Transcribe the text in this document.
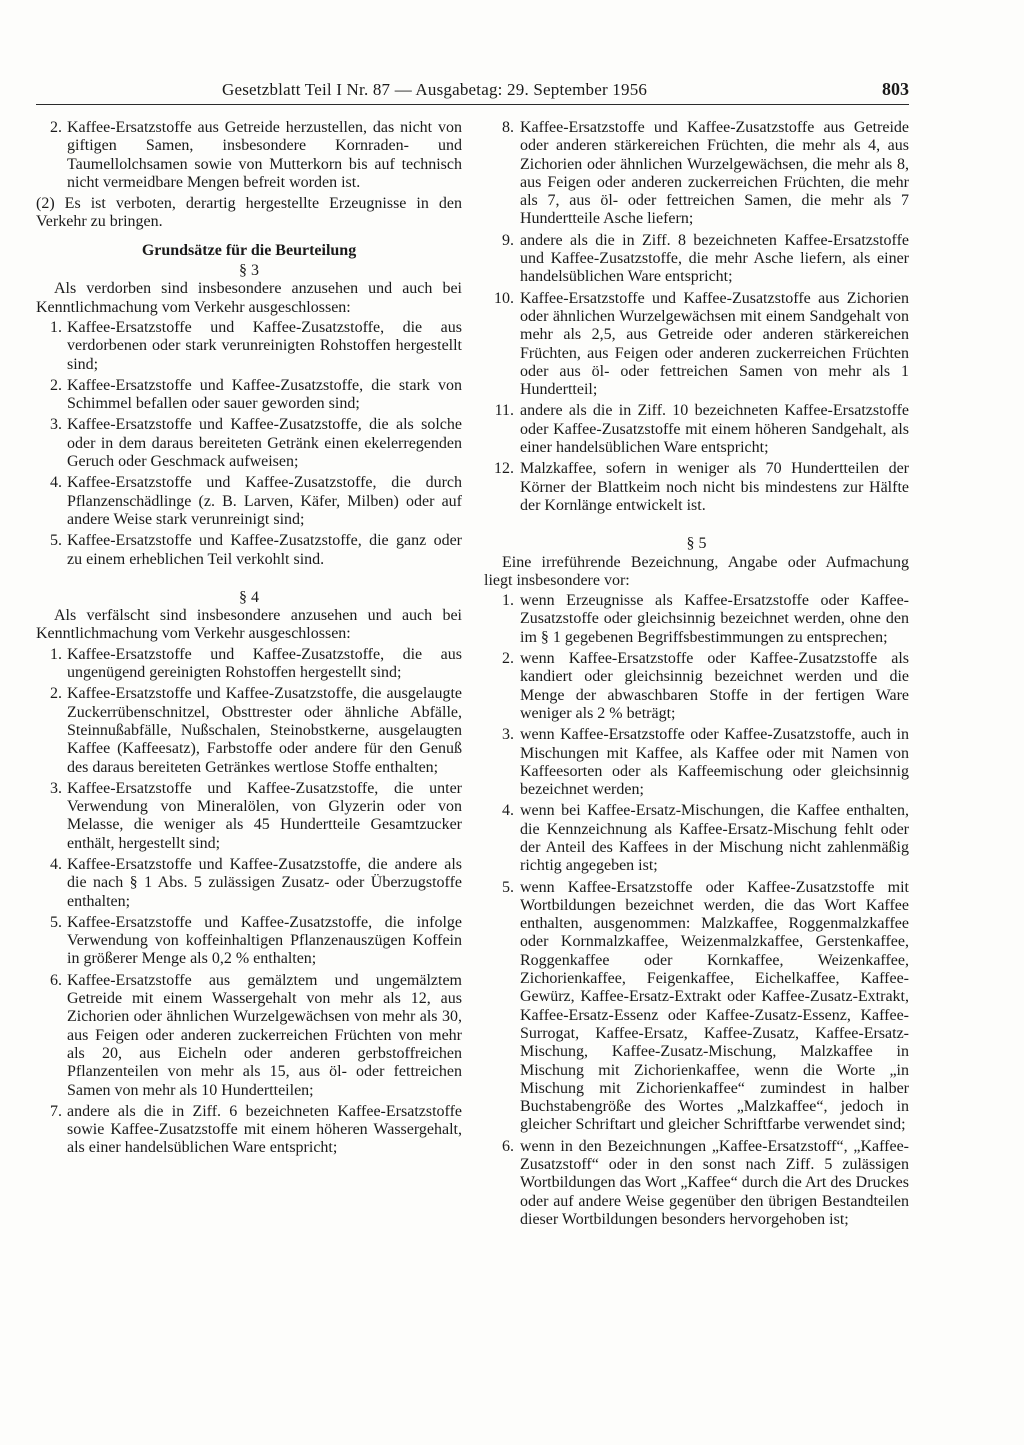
Gesetzblatt Teil I Nr. 87 — Ausgabetag: 29. September 1956	803
2. Kaffee-Ersatzstoffe aus Getreide herzustellen, das nicht von giftigen Samen, insbesondere Kornraden- und Taumellolchsamen sowie von Mutterkorn bis auf technisch nicht vermeidbare Mengen befreit worden ist.

(2) Es ist verboten, derartig hergestellte Erzeugnisse in den Verkehr zu bringen.

Grundsätze für die Beurteilung
§ 3

Als verdorben sind insbesondere anzusehen und auch bei Kenntlichmachung vom Verkehr ausgeschlossen:

1. Kaffee-Ersatzstoffe und Kaffee-Zusatzstoffe, die aus verdorbenen oder stark verunreinigten Rohstoffen hergestellt sind;
2. Kaffee-Ersatzstoffe und Kaffee-Zusatzstoffe, die stark von Schimmel befallen oder sauer geworden sind;
3. Kaffee-Ersatzstoffe und Kaffee-Zusatzstoffe, die als solche oder in dem daraus bereiteten Getränk einen ekelerregenden Geruch oder Geschmack aufweisen;
4. Kaffee-Ersatzstoffe und Kaffee-Zusatzstoffe, die durch Pflanzenschädlinge (z. B. Larven, Käfer, Milben) oder auf andere Weise stark verunreinigt sind;
5. Kaffee-Ersatzstoffe und Kaffee-Zusatzstoffe, die ganz oder zu einem erheblichen Teil verkohlt sind.
§ 4

Als verfälscht sind insbesondere anzusehen und auch bei Kenntlichmachung vom Verkehr ausgeschlossen:

1. Kaffee-Ersatzstoffe und Kaffee-Zusatzstoffe, die aus ungenügend gereinigten Rohstoffen hergestellt sind;
2. Kaffee-Ersatzstoffe und Kaffee-Zusatzstoffe, die ausgelaugte Zuckerrübenschnitzel, Obsttrester oder ähnliche Abfälle, Steinnußabfälle, Nußschalen, Steinobstkerne, ausgelaugten Kaffee (Kaffeesatz), Farbstoffe oder andere für den Genuß des daraus bereiteten Getränkes wertlose Stoffe enthalten;
3. Kaffee-Ersatzstoffe und Kaffee-Zusatzstoffe, die unter Verwendung von Mineralölen, von Glyzerin oder von Melasse, die weniger als 45 Hundertteile Gesamtzucker enthält, hergestellt sind;
4. Kaffee-Ersatzstoffe und Kaffee-Zusatzstoffe, die andere als die nach § 1 Abs. 5 zulässigen Zusatz- oder Überzugstoffe enthalten;
5. Kaffee-Ersatzstoffe und Kaffee-Zusatzstoffe, die infolge Verwendung von koffeinhaltigen Pflanzenauszügen Koffein in größerer Menge als 0,2 % enthalten;
6. Kaffee-Ersatzstoffe aus gemälztem und ungemälztem Getreide mit einem Wassergehalt von mehr als 12, aus Zichorien oder ähnlichen Wurzelgewächsen von mehr als 30, aus Feigen oder anderen zuckerreichen Früchten von mehr als 20, aus Eicheln oder anderen gerbstoffreichen Pflanzenteilen von mehr als 15, aus öl- oder fettreichen Samen von mehr als 10 Hundertteilen;
7. andere als die in Ziff. 6 bezeichneten Kaffee-Ersatzstoffe sowie Kaffee-Zusatzstoffe mit einem höheren Wassergehalt, als einer handelsüblichen Ware entspricht;
8. Kaffee-Ersatzstoffe und Kaffee-Zusatzstoffe aus Getreide oder anderen stärkereichen Früchten, die mehr als 4, aus Zichorien oder ähnlichen Wurzelgewächsen, die mehr als 8, aus Feigen oder anderen zuckerreichen Früchten, die mehr als 7, aus öl- oder fettreichen Samen, die mehr als 7 Hundertteile Asche liefern;
9. andere als die in Ziff. 8 bezeichneten Kaffee-Ersatzstoffe und Kaffee-Zusatzstoffe, die mehr Asche liefern, als einer handelsüblichen Ware entspricht;
10. Kaffee-Ersatzstoffe und Kaffee-Zusatzstoffe aus Zichorien oder ähnlichen Wurzelgewächsen mit einem Sandgehalt von mehr als 2,5, aus Getreide oder anderen stärkereichen Früchten, aus Feigen oder anderen zuckerreichen Früchten oder aus öl- oder fettreichen Samen von mehr als 1 Hundertteil;
11. andere als die in Ziff. 10 bezeichneten Kaffee-Ersatzstoffe oder Kaffee-Zusatzstoffe mit einem höheren Sandgehalt, als einer handelsüblichen Ware entspricht;
12. Malzkaffee, sofern in weniger als 70 Hundertteilen der Körner der Blattkeim noch nicht bis mindestens zur Hälfte der Kornlänge entwickelt ist.
§ 5

Eine irreführende Bezeichnung, Angabe oder Aufmachung liegt insbesondere vor:

1. wenn Erzeugnisse als Kaffee-Ersatzstoffe oder Kaffee-Zusatzstoffe oder gleichsinnig bezeichnet werden, ohne den im § 1 gegebenen Begriffsbestimmungen zu entsprechen;
2. wenn Kaffee-Ersatzstoffe oder Kaffee-Zusatzstoffe als kandiert oder gleichsinnig bezeichnet werden und die Menge der abwaschbaren Stoffe in der fertigen Ware weniger als 2 % beträgt;
3. wenn Kaffee-Ersatzstoffe oder Kaffee-Zusatzstoffe, auch in Mischungen mit Kaffee, als Kaffee oder mit Namen von Kaffeesorten oder als Kaffeemischung oder gleichsinnig bezeichnet werden;
4. wenn bei Kaffee-Ersatz-Mischungen, die Kaffee enthalten, die Kennzeichnung als Kaffee-Ersatz-Mischung fehlt oder der Anteil des Kaffees in der Mischung nicht zahlenmäßig richtig angegeben ist;
5. wenn Kaffee-Ersatzstoffe oder Kaffee-Zusatzstoffe mit Wortbildungen bezeichnet werden, die das Wort Kaffee enthalten, ausgenommen: Malzkaffee, Roggenmalzkaffee oder Kornmalzkaffee, Weizenmalzkaffee, Gerstenkaffee, Roggenkaffee oder Kornkaffee, Weizenkaffee, Zichorienkaffee, Feigenkaffee, Eichelkaffee, Kaffee-Gewürz, Kaffee-Ersatz-Extrakt oder Kaffee-Zusatz-Extrakt, Kaffee-Ersatz-Essenz oder Kaffee-Zusatz-Essenz, Kaffee-Surrogat, Kaffee-Ersatz, Kaffee-Zusatz, Kaffee-Ersatz-Mischung, Kaffee-Zusatz-Mischung, Malzkaffee in Mischung mit Zichorienkaffee, wenn die Worte „in Mischung mit Zichorienkaffee“ zumindest in halber Buchstabengröße des Wortes „Malzkaffee“, jedoch in gleicher Schriftart und gleicher Schriftfarbe verwendet sind;
6. wenn in den Bezeichnungen „Kaffee-Ersatzstoff“, „Kaffee-Zusatzstoff“ oder in den sonst nach Ziff. 5 zulässigen Wortbildungen das Wort „Kaffee“ durch die Art des Druckes oder auf andere Weise gegenüber den übrigen Bestandteilen dieser Wortbildungen besonders hervorgehoben ist;
